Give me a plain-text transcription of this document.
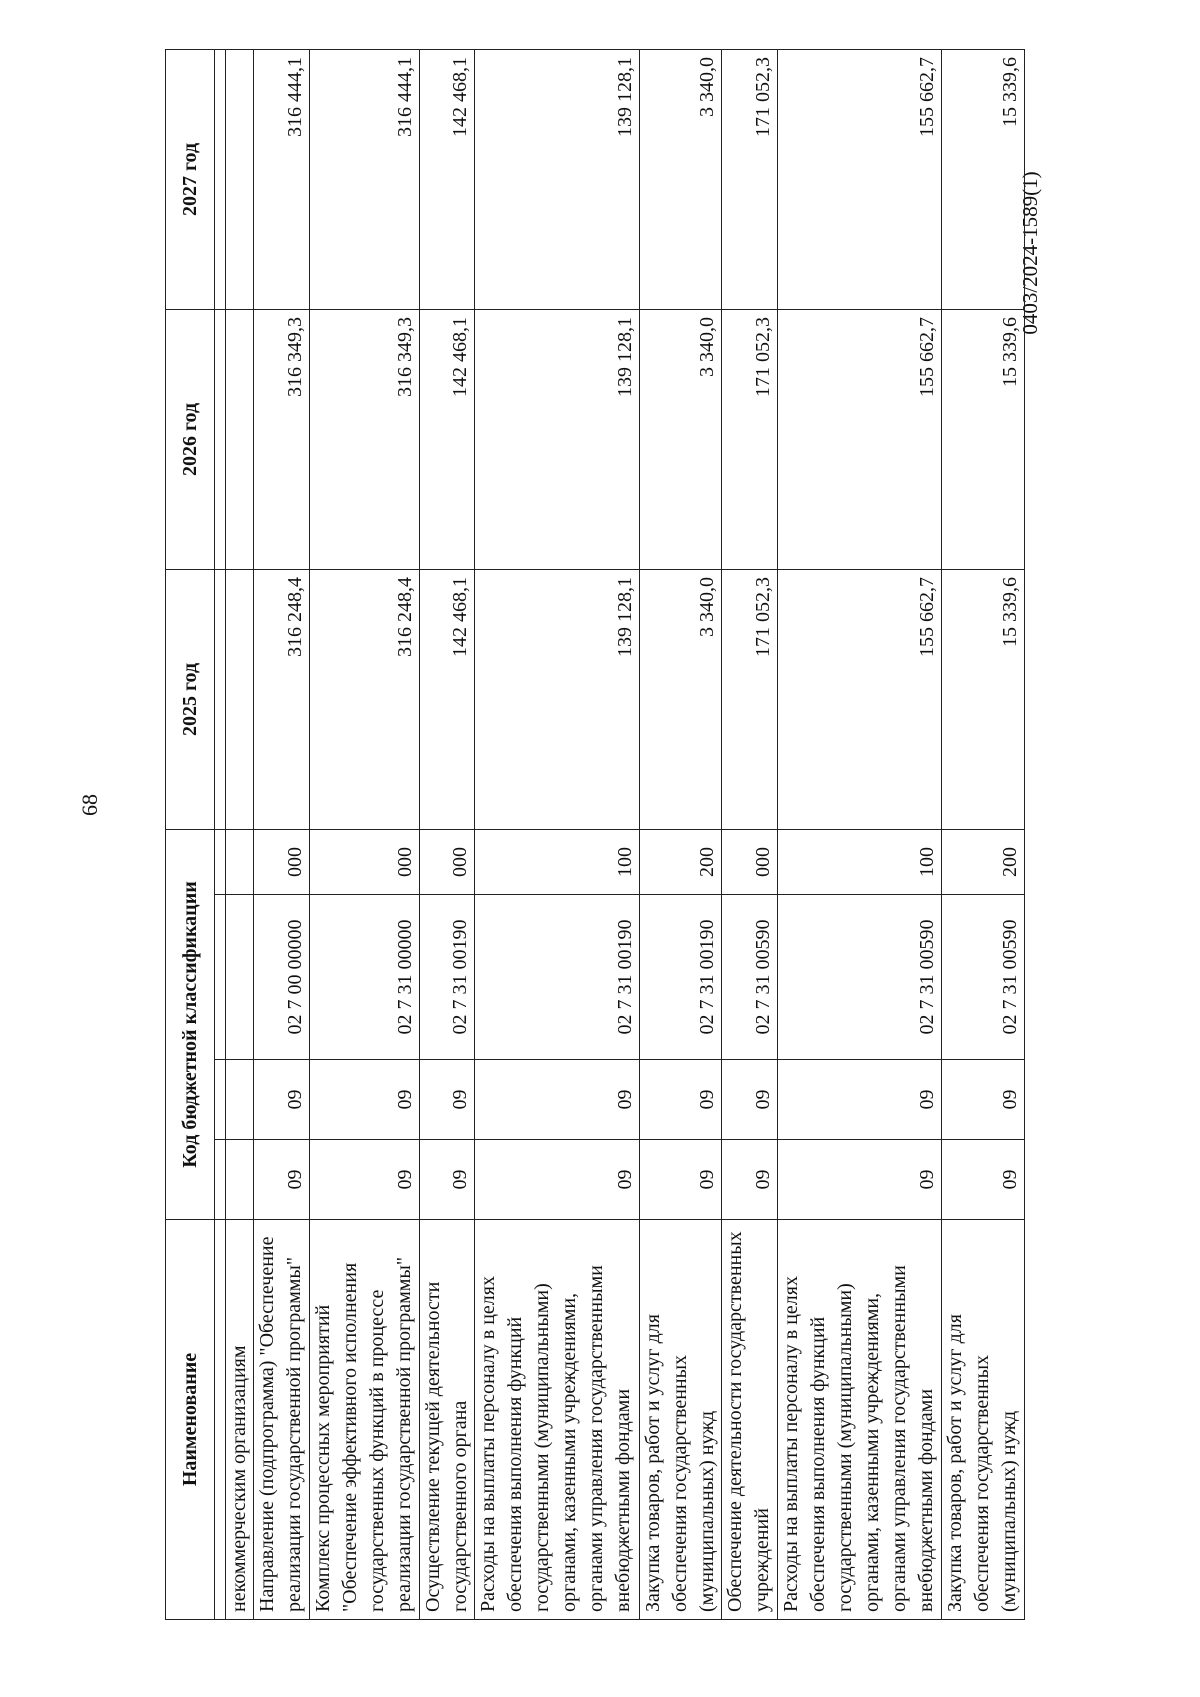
68
0403/2024-1589(1)
Наименование	Код бюджетной классификации				2025 год	2026 год	2027 год

некоммерческим организациям							
Направление (подпрограмма) "Обеспечение реализации государственной программы"	09	09	02 7 00 00000	000	316 248,4	316 349,3	316 444,1
Комплекс процессных мероприятий "Обеспечение эффективного исполнения государственных функций в процессе реализации государственной программы"	09	09	02 7 31 00000	000	316 248,4	316 349,3	316 444,1
Осуществление текущей деятельности государственного органа	09	09	02 7 31 00190	000	142 468,1	142 468,1	142 468,1
Расходы на выплаты персоналу в целях обеспечения выполнения функций государственными (муниципальными) органами, казенными учреждениями, органами управления государственными внебюджетными фондами	09	09	02 7 31 00190	100	139 128,1	139 128,1	139 128,1
Закупка товаров, работ и услуг для обеспечения государственных (муниципальных) нужд	09	09	02 7 31 00190	200	3 340,0	3 340,0	3 340,0
Обеспечение деятельности государственных учреждений	09	09	02 7 31 00590	000	171 052,3	171 052,3	171 052,3
Расходы на выплаты персоналу в целях обеспечения выполнения функций государственными (муниципальными) органами, казенными учреждениями, органами управления государственными внебюджетными фондами	09	09	02 7 31 00590	100	155 662,7	155 662,7	155 662,7
Закупка товаров, работ и услуг для обеспечения государственных (муниципальных) нужд	09	09	02 7 31 00590	200	15 339,6	15 339,6	15 339,6
